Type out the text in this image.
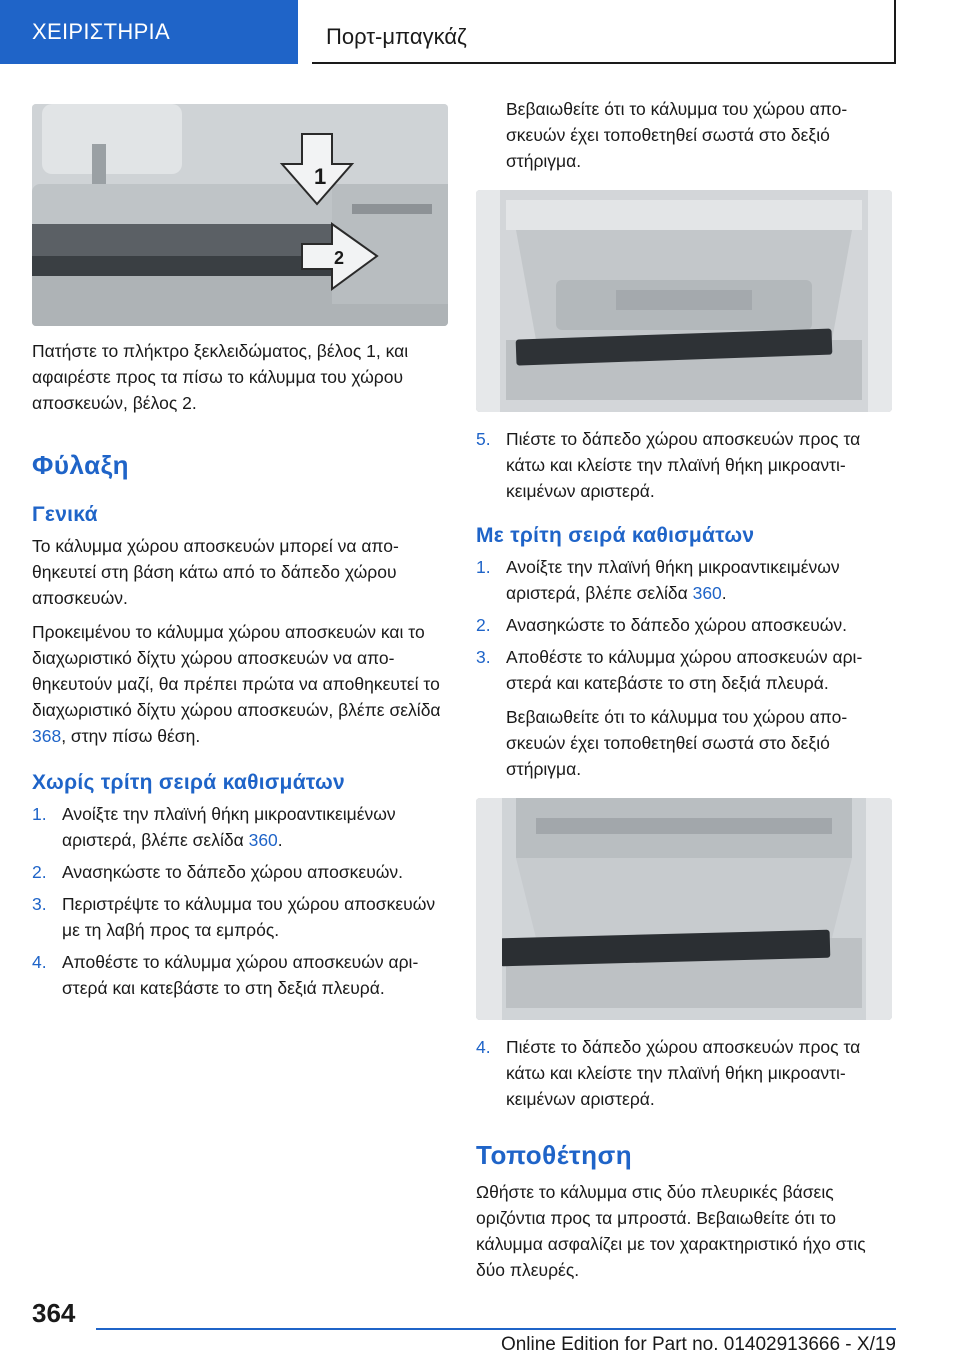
ΧΕΙΡΙΣΤΗΡΙΑ	Πορτ-μπαγκάζ
1
2

Πατήστε το πλήκτρο ξεκλειδώματος, βέλος 1, και αφαιρέστε προς τα πίσω το κάλυμμα του χώρου αποσκευών, βέλος 2.

Φύλαξη
Γενικά

Το κάλυμμα χώρου αποσκευών μπορεί να αποθηκευτεί στη βάση κάτω από το δάπεδο χώρου αποσκευών.

Προκειμένου το κάλυμμα χώρου αποσκευών και το διαχωριστικό δίχτυ χώρου αποσκευών να αποθηκευτούν μαζί, θα πρέπει πρώτα να αποθηκευτεί το διαχωριστικό δίχτυ χώρου αποσκευών, βλέπε σελίδα 368, στην πίσω θέση.

Χωρίς τρίτη σειρά καθισμάτων
1. Ανοίξτε την πλαϊνή θήκη μικροαντικειμένων αριστερά, βλέπε σελίδα 360.
2. Ανασηκώστε το δάπεδο χώρου αποσκευών.
3. Περιστρέψτε το κάλυμμα του χώρου αποσκευών με τη λαβή προς τα εμπρός.
4. Αποθέστε το κάλυμμα χώρου αποσκευών αριστερά και κατεβάστε το στη δεξιά πλευρά.

Βεβαιωθείτε ότι το κάλυμμα του χώρου αποσκευών έχει τοποθετηθεί σωστά στο δεξιό στήριγμα.

5. Πιέστε το δάπεδο χώρου αποσκευών προς τα κάτω και κλείστε την πλαϊνή θήκη μικροαντικειμένων αριστερά.
Με τρίτη σειρά καθισμάτων
1. Ανοίξτε την πλαϊνή θήκη μικροαντικειμένων αριστερά, βλέπε σελίδα 360.
2. Ανασηκώστε το δάπεδο χώρου αποσκευών.
3. Αποθέστε το κάλυμμα χώρου αποσκευών αριστερά και κατεβάστε το στη δεξιά πλευρά.

Βεβαιωθείτε ότι το κάλυμμα του χώρου αποσκευών έχει τοποθετηθεί σωστά στο δεξιό στήριγμα.

4. Πιέστε το δάπεδο χώρου αποσκευών προς τα κάτω και κλείστε την πλαϊνή θήκη μικροαντικειμένων αριστερά.
Τοποθέτηση

Ωθήστε το κάλυμμα στις δύο πλευρικές βάσεις οριζόντια προς τα μπροστά. Βεβαιωθείτε ότι το κάλυμμα ασφαλίζει με τον χαρακτηριστικό ήχο στις δύο πλευρές.

364
Online Edition for Part no. 01402913666 - X/19
